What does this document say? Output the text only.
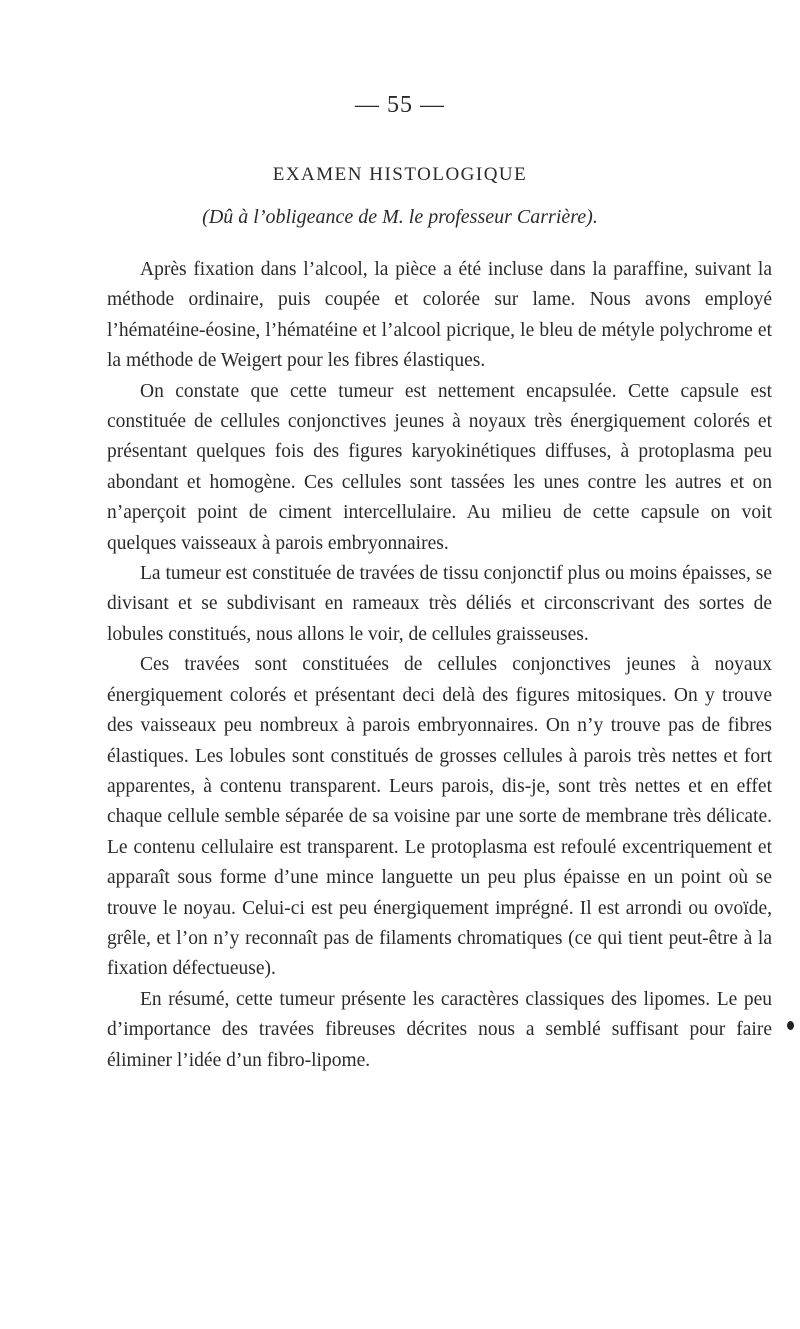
— 55 —
EXAMEN HISTOLOGIQUE
(Dû à l’obligeance de M. le professeur Carrière).

Après fixation dans l’alcool, la pièce a été incluse dans la paraffine, suivant la méthode ordinaire, puis coupée et colorée sur lame. Nous avons employé l’hématéine-éosine, l’hématéine et l’alcool picrique, le bleu de métyle polychrome et la méthode de Weigert pour les fibres élastiques.

On constate que cette tumeur est nettement encapsulée. Cette capsule est constituée de cellules conjonctives jeunes à noyaux très énergiquement colorés et présentant quelques fois des figures karyokinétiques diffuses, à protoplasma peu abondant et homogène. Ces cellules sont tassées les unes contre les autres et on n’aperçoit point de ciment intercellulaire. Au milieu de cette capsule on voit quelques vaisseaux à parois embryonnaires.

La tumeur est constituée de travées de tissu conjonctif plus ou moins épaisses, se divisant et se subdivisant en rameaux très déliés et circonscrivant des sortes de lobules constitués, nous allons le voir, de cellules graisseuses.

Ces travées sont constituées de cellules conjonctives jeunes à noyaux énergiquement colorés et présentant deci delà des figures mitosiques. On y trouve des vaisseaux peu nombreux à parois embryonnaires. On n’y trouve pas de fibres élastiques. Les lobules sont constitués de grosses cellules à parois très nettes et fort apparentes, à contenu transparent. Leurs parois, dis-je, sont très nettes et en effet chaque cellule semble séparée de sa voisine par une sorte de membrane très délicate. Le contenu cellulaire est transparent. Le protoplasma est refoulé excentriquement et apparaît sous forme d’une mince languette un peu plus épaisse en un point où se trouve le noyau. Celui-ci est peu énergiquement imprégné. Il est arrondi ou ovoïde, grêle, et l’on n’y reconnaît pas de filaments chromatiques (ce qui tient peut-être à la fixation défectueuse).

En résumé, cette tumeur présente les caractères classiques des lipomes. Le peu d’importance des travées fibreuses décrites nous a semblé suffisant pour faire éliminer l’idée d’un fibro-lipome.
